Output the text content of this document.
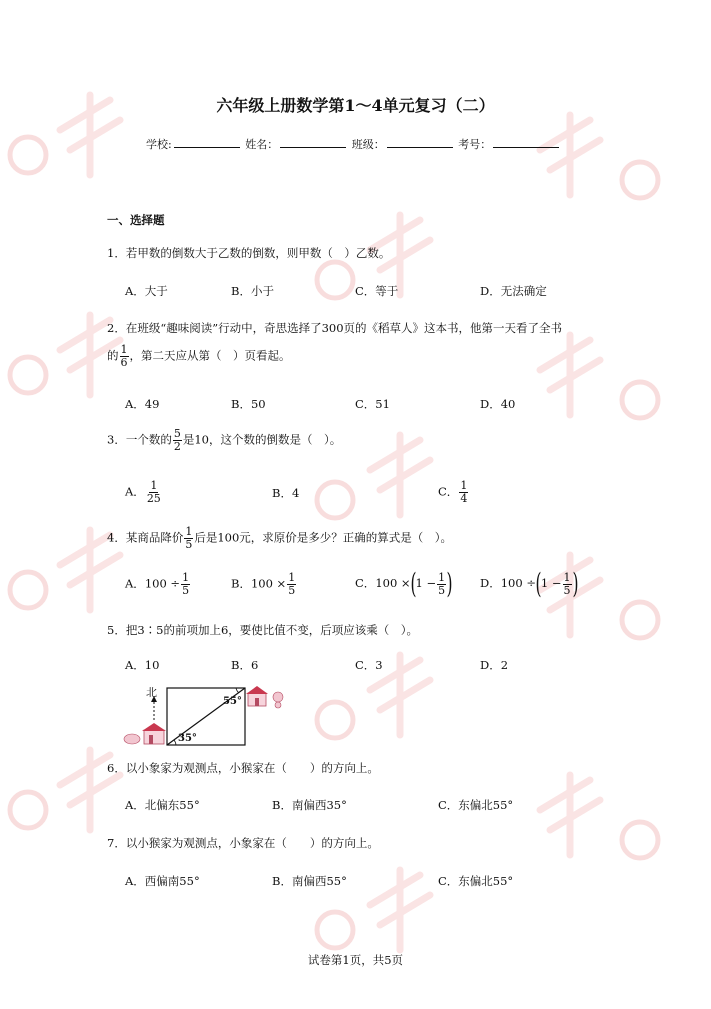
六年级上册数学第1～4单元复习（二）
学校:	姓名：	班级：	考号：
一、选择题
1．若甲数的倒数大于乙数的倒数，则甲数（　）乙数。
A．大于	B．小于	C．等于	D．无法确定
2．在班级“趣味阅读”行动中，奇思选择了300页的《稻草人》这本书，他第一天看了全书
的 $\frac{1}{6}$ ，第二天应从第（　）页看起。
A．49	B．50	C．51	D．40
3．一个数的 $\frac{5}{2}$ 是10，这个数的倒数是（　）。
A． $\frac{1}{25}$	B．4	C． $\frac{1}{4}$
4．某商品降价 $\frac{1}{5}$ 后是100元，求原价是多少？正确的算式是（　）。
A．$100 \div \frac{1}{5}$	B．$100 \times \frac{1}{5}$	C．$100 \times(1 - \frac{1}{5}$ ) D．$100 \div(1 - \frac{1}{5}$ )
5．把3∶5的前项加上6，要使比值不变，后项应该乘（　）。
A．10	B．6	C．3	D．2
北
55°
35°
6．以小象家为观测点，小猴家在（　　）的方向上。
A．北偏东55°	B．南偏西35°	C．东偏北55°
7．以小猴家为观测点，小象家在（　　）的方向上。
A．西偏南55°	B．南偏西55°	C．东偏北55°
试卷第1页，共5页
